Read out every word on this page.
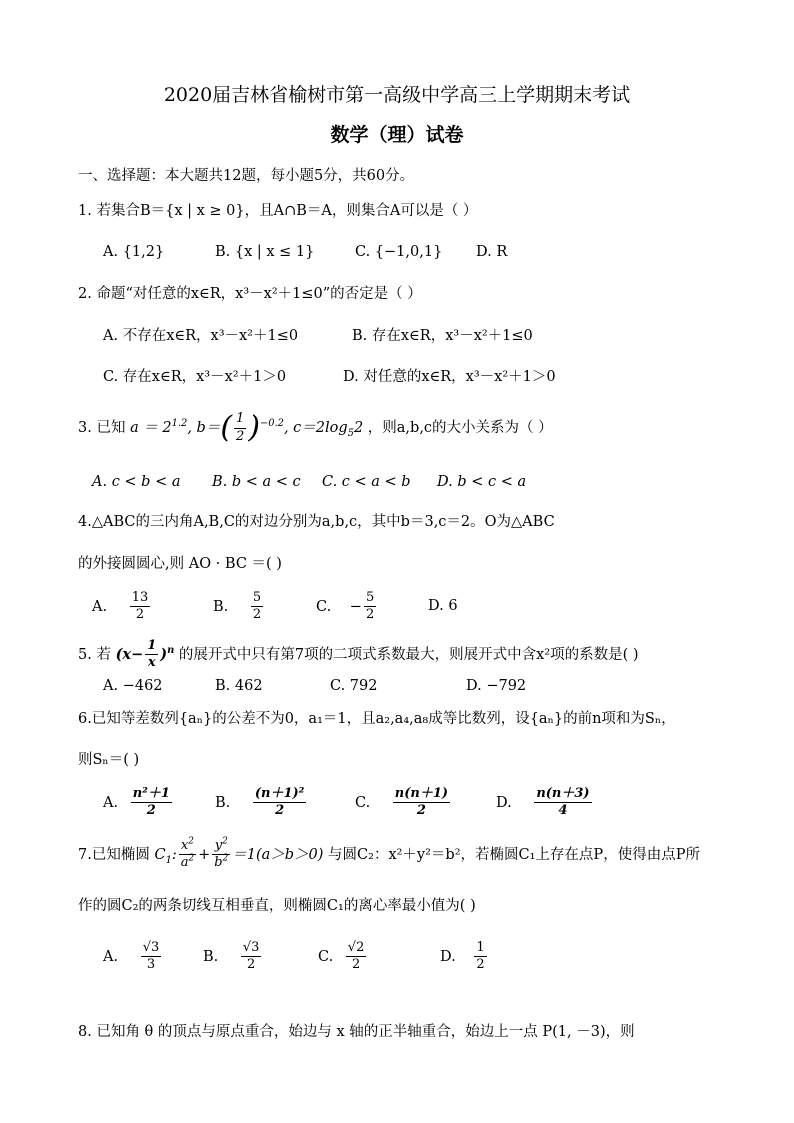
2020届吉林省榆树市第一高级中学高三上学期期末考试
数学（理）试卷
一、选择题：本大题共12题，每小题5分，共60分。
1. 若集合B＝{x | x ≥ 0}，且A∩B＝A，则集合A可以是（ ）
A. {1,2}	B. {x | x ≤ 1}	C. {−1,0,1} D. R
2. 命题“对任意的x∈R，x³－x²＋1≤0”的否定是（ ）
A. 不存在x∈R，x³－x²＋1≤0	B. 存在x∈R，x³－x²＋1≤0
C. 存在x∈R，x³－x²＋1＞0	D. 对任意的x∈R，x³－x²＋1＞0
3. 已知 $a = 2^{1.2}$, $b=( \frac{1}{2} )^{-0.2}$, $c=2\log_52$ ，则a,b,c的大小关系为（ ）
A. c < b < a B. b < a < c C. c < a < b D. b < c < a
4.△ABC的三内角A,B,C的对边分别为a,b,c，其中b＝3,c＝2。O为△ABC
的外接圆圆心,则 AO · BC ＝( )
A. $\frac{13}{2}$	B. $\frac{5}{2}$	C. − $\frac{5}{2}$	D. 6
5. 若 $(x- \frac{1}{x} )^n$ 的展开式中只有第7项的二项式系数最大，则展开式中含x²项的系数是( )
A. −462	B. 462	C. 792	D. −792
6.已知等差数列{aₙ}的公差不为0，a₁＝1，且a₂,a₄,a₈成等比数列，设{aₙ}的前n项和为Sₙ，
则Sₙ＝( )
A. $\frac{\text{n²＋1}}{2}$	B. $\frac{\text{(n＋1)²}}{2}$	C. $\frac{n(n+1)}{2}$	D. $\frac{n(n+3)}{4}$
7.已知椭圆 $C_1$: $\frac{x^2}{a^2} + \frac{y^2}{b^2} =1(a>b>0)$ 与圆C₂：x²＋y²＝b²，若椭圆C₁上存在点P，使得由点P所
作的圆C₂的两条切线互相垂直，则椭圆C₁的离心率最小值为( )
A. $\frac{√3}{3}$	B. $\frac{√3}{2}$	C. $\frac{√2}{2}$	D. $\frac{1}{2}$
8. 已知角 θ 的顶点与原点重合，始边与 x 轴的正半轴重合，始边上一点 P(1, －3)，则
